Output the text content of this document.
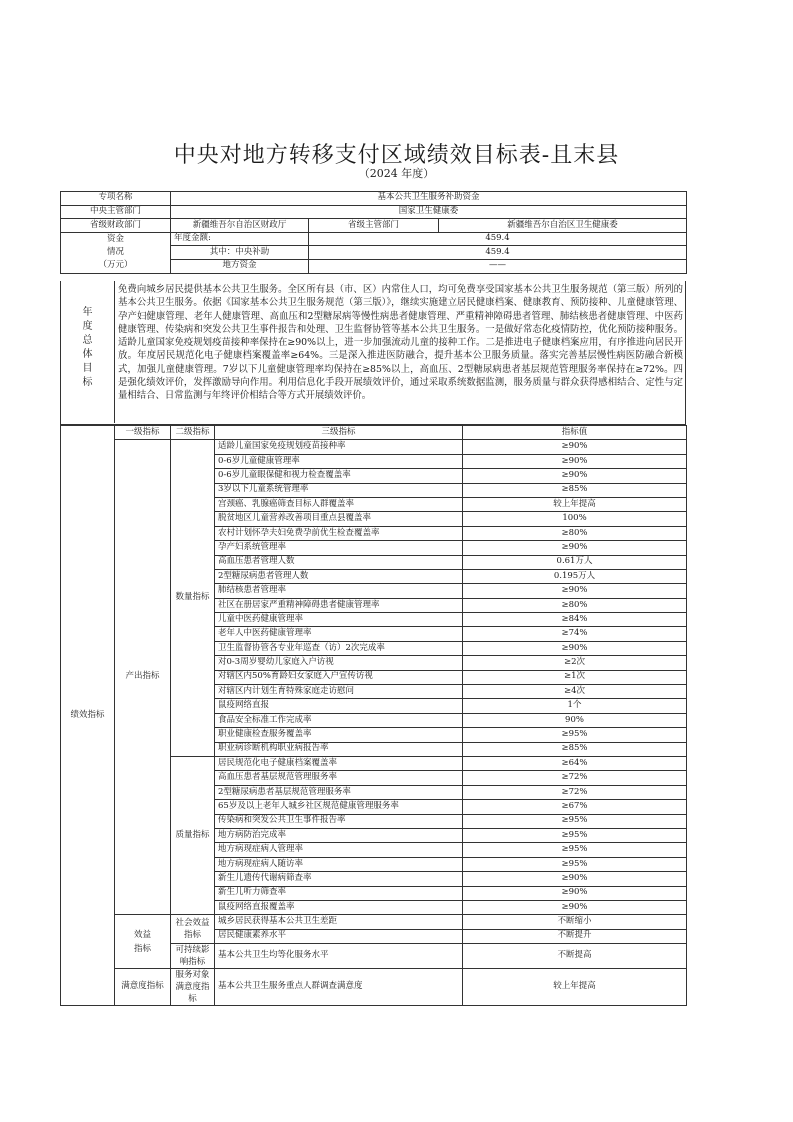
中央对地方转移支付区域绩效目标表-且末县
（2024 年度）
专项名称	基本公共卫生服务补助资金		
中央主管部门	国家卫生健康委		
省级财政部门	新疆维吾尔自治区财政厅	省级主管部门	新疆维吾尔自治区卫生健康委

资金
情况
（万元）	年度金额:	459.4	
	其中：中央补助	459.4	
	地方资金	——	
年
度
总
体
目
标
免费向城乡居民提供基本公共卫生服务。全区所有县（市、区）内常住人口，均可免费享受国家基本公共卫生服务规范（第三版）所列的基本公共卫生服务。依据《国家基本公共卫生服务规范（第三版）》，继续实施建立居民健康档案、健康教育、预防接种、儿童健康管理、孕产妇健康管理、老年人健康管理、高血压和2型糖尿病等慢性病患者健康管理、严重精神障碍患者管理、肺结核患者健康管理、中医药健康管理、传染病和突发公共卫生事件报告和处理、卫生监督协管等基本公共卫生服务。一是做好常态化疫情防控，优化预防接种服务。适龄儿童国家免疫规划疫苗接种率保持在≥90%以上，进一步加强流动儿童的接种工作。二是推进电子健康档案应用，有序推进向居民开放。年度居民规范化电子健康档案覆盖率≥64%。三是深入推进医防融合，提升基本公卫服务质量。落实完善基层慢性病医防融合新模式，加强儿童健康管理。7岁以下儿童健康管理率均保持在≥85%以上，高血压、2型糖尿病患者基层规范管理服务率保持在≥72%。四是强化绩效评价，发挥激励导向作用。利用信息化手段开展绩效评价，通过采取系统数据监测，服务质量与群众获得感相结合、定性与定量相结合、日常监测与年终评价相结合等方式开展绩效评价。
绩效指标	一级指标	二级指标	三级指标	指标值
	产出指标	数量指标	适龄儿童国家免疫规划疫苗接种率	≥90%
			0-6岁儿童健康管理率	≥90%
			0-6岁儿童眼保健和视力检查覆盖率	≥90%
			3岁以下儿童系统管理率	≥85%
			宫颈癌、乳腺癌筛查目标人群覆盖率	较上年提高
			脱贫地区儿童营养改善项目重点县覆盖率	100%
			农村计划怀孕夫妇免费孕前优生检查覆盖率	≥80%
			孕产妇系统管理率	≥90%
			高血压患者管理人数	0.61万人
			2型糖尿病患者管理人数	0.195万人
			肺结核患者管理率	≥90%
			社区在册居家严重精神障碍患者健康管理率	≥80%
			儿童中医药健康管理率	≥84%
			老年人中医药健康管理率	≥74%
			卫生监督协管各专业年巡查（访）2次完成率	≥90%
			对0-3周岁婴幼儿家庭入户访视	≥2次
			对辖区内50%育龄妇女家庭入户宣传访视	≥1次
			对辖区内计划生育特殊家庭走访慰问	≥4次
			鼠疫网络直报	1个
			食品安全标准工作完成率	90%
			职业健康检查服务覆盖率	≥95%
			职业病诊断机构职业病报告率	≥85%
		质量指标	居民规范化电子健康档案覆盖率	≥64%
			高血压患者基层规范管理服务率	≥72%
			2型糖尿病患者基层规范管理服务率	≥72%
			65岁及以上老年人城乡社区规范健康管理服务率	≥67%
			传染病和突发公共卫生事件报告率	≥95%
			地方病防治完成率	≥95%
			地方病现症病人管理率	≥95%
			地方病现症病人随访率	≥95%
			新生儿遗传代谢病筛查率	≥90%
			新生儿听力筛查率	≥90%
			鼠疫网络直报覆盖率	≥90%

	效益
指标	社会效益指标	城乡居民获得基本公共卫生差距	不断缩小
			居民健康素养水平	不断提升
		可持续影响指标	基本公共卫生均等化服务水平	不断提高

	满意度指标	服务对象满意度指标	基本公共卫生服务重点人群调查满意度	较上年提高
